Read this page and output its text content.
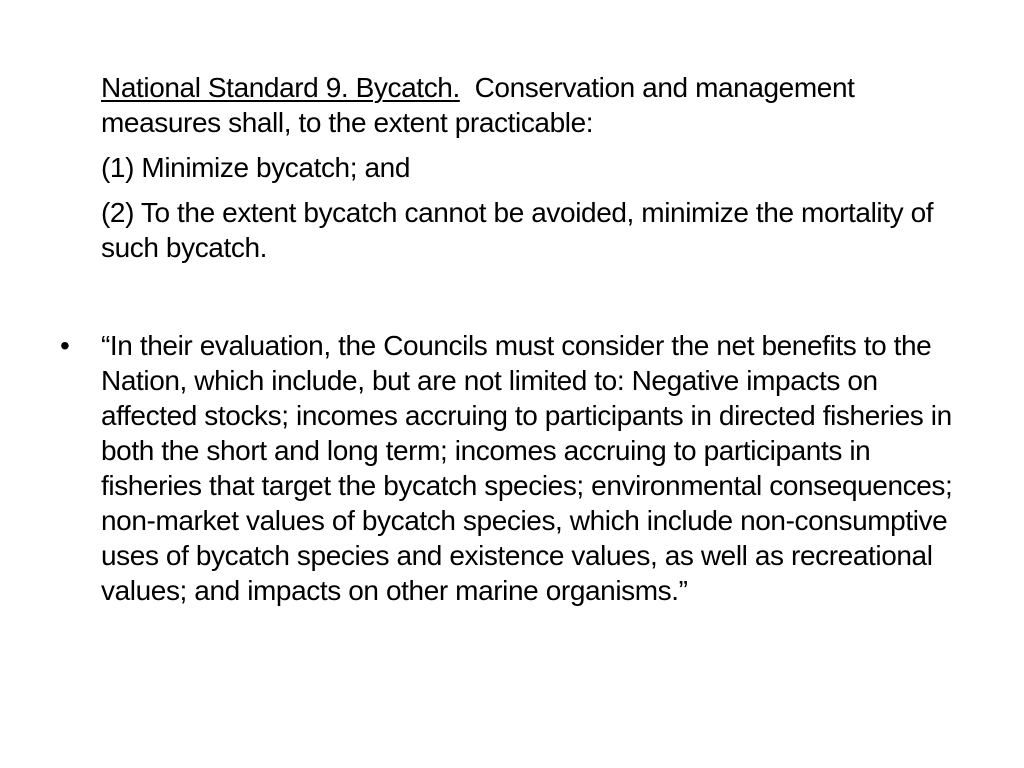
National Standard 9. Bycatch. Conservation and management measures shall, to the extent practicable:

(1) Minimize bycatch; and

(2) To the extent bycatch cannot be avoided, minimize the mortality of such bycatch.

• “In their evaluation, the Councils must consider the net benefits to the Nation, which include, but are not limited to: Negative impacts on affected stocks; incomes accruing to participants in directed fisheries in both the short and long term; incomes accruing to participants in fisheries that target the bycatch species; environmental consequences; non-market values of bycatch species, which include non-consumptive uses of bycatch species and existence values, as well as recreational values; and impacts on other marine organisms.”
